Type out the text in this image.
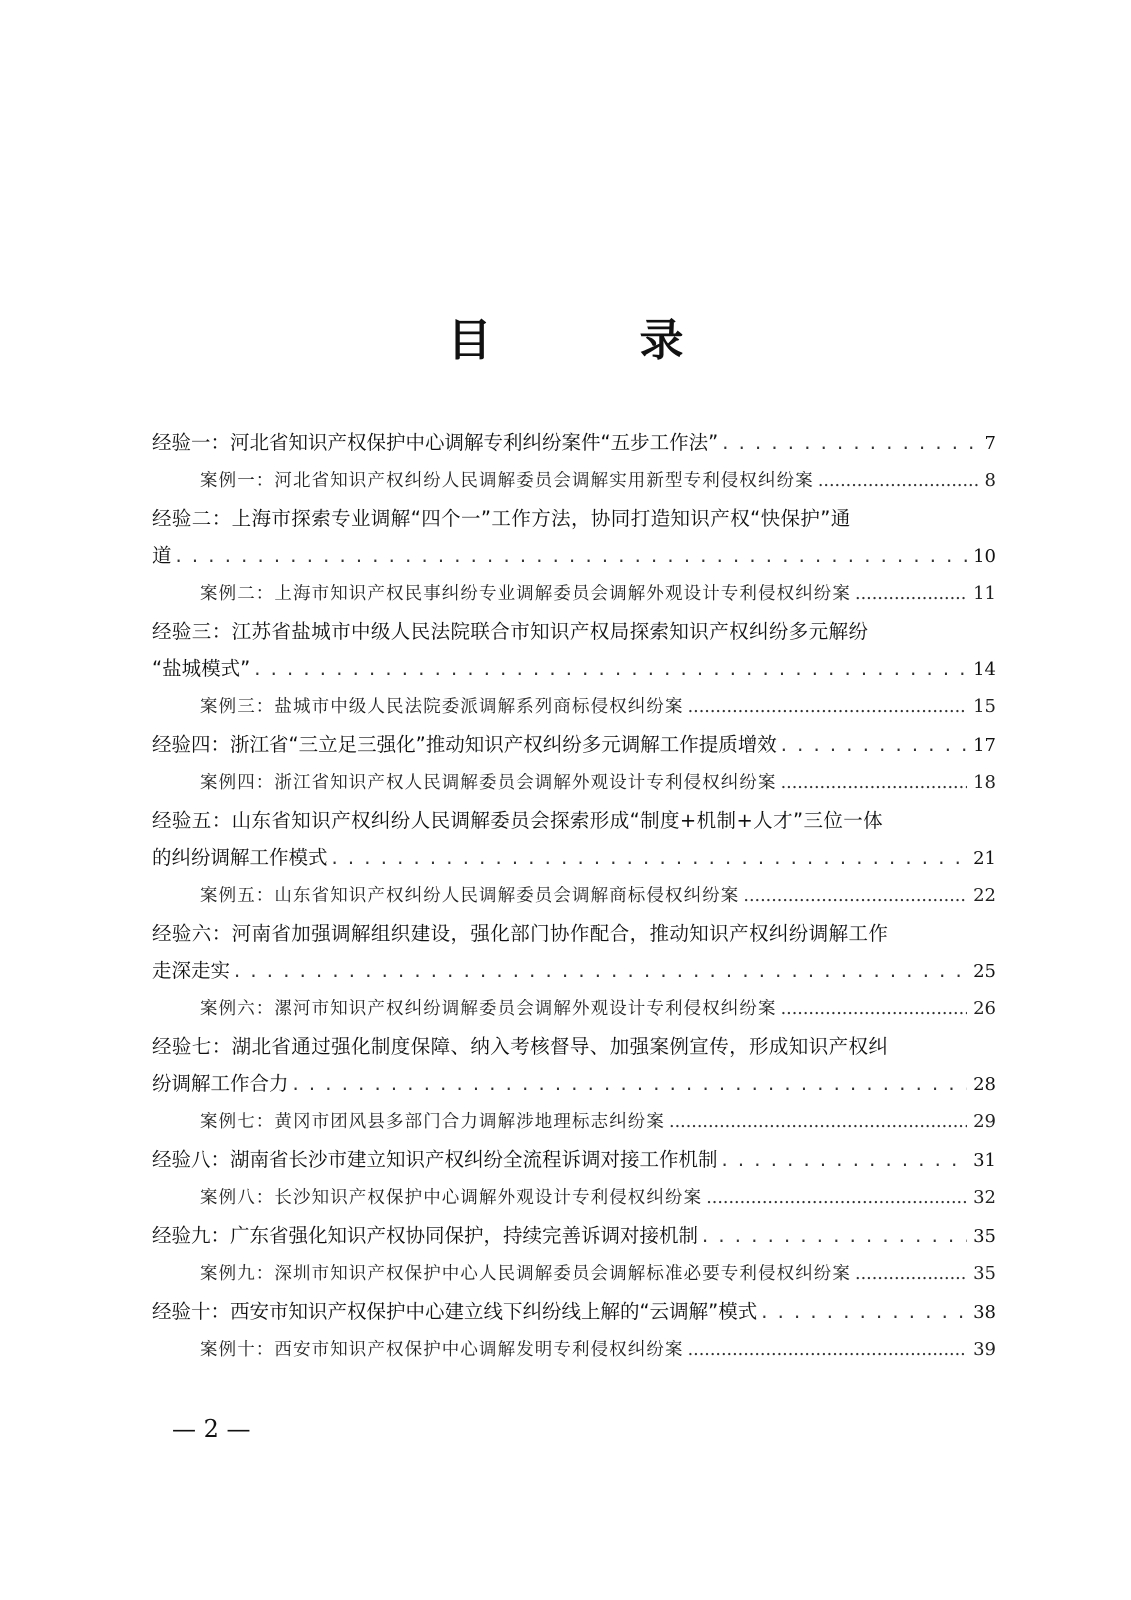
目　录
经验一：河北省知识产权保护中心调解专利纠纷案件“五步工作法” . . .	7
案例一：河北省知识产权纠纷人民调解委员会调解实用新型专利侵权纠纷案 .....	8
经验二：上海市探索专业调解“四个一”工作方法，协同打造知识产权“快保护”通
道 . . .	10
案例二：上海市知识产权民事纠纷专业调解委员会调解外观设计专利侵权纠纷案 .....	11
经验三：江苏省盐城市中级人民法院联合市知识产权局探索知识产权纠纷多元解纷
“盐城模式” . . .	14
案例三：盐城市中级人民法院委派调解系列商标侵权纠纷案 .....	15
经验四：浙江省“三立足三强化”推动知识产权纠纷多元调解工作提质增效 . . .	17
案例四：浙江省知识产权人民调解委员会调解外观设计专利侵权纠纷案 .....	18
经验五：山东省知识产权纠纷人民调解委员会探索形成“制度+机制+人才”三位一体
的纠纷调解工作模式 . . .	21
案例五：山东省知识产权纠纷人民调解委员会调解商标侵权纠纷案 .....	22
经验六：河南省加强调解组织建设，强化部门协作配合，推动知识产权纠纷调解工作
走深走实 . . .	25
案例六：漯河市知识产权纠纷调解委员会调解外观设计专利侵权纠纷案 .....	26
经验七：湖北省通过强化制度保障、纳入考核督导、加强案例宣传，形成知识产权纠
纷调解工作合力 . . .	28
案例七：黄冈市团风县多部门合力调解涉地理标志纠纷案 .....	29
经验八：湖南省长沙市建立知识产权纠纷全流程诉调对接工作机制 . . .	31
案例八：长沙知识产权保护中心调解外观设计专利侵权纠纷案 .....	32
经验九：广东省强化知识产权协同保护，持续完善诉调对接机制 . . .	35
案例九：深圳市知识产权保护中心人民调解委员会调解标准必要专利侵权纠纷案 .....	35
经验十：西安市知识产权保护中心建立线下纠纷线上解的“云调解”模式 . . .	38
案例十：西安市知识产权保护中心调解发明专利侵权纠纷案 .....	39
— 2 —
